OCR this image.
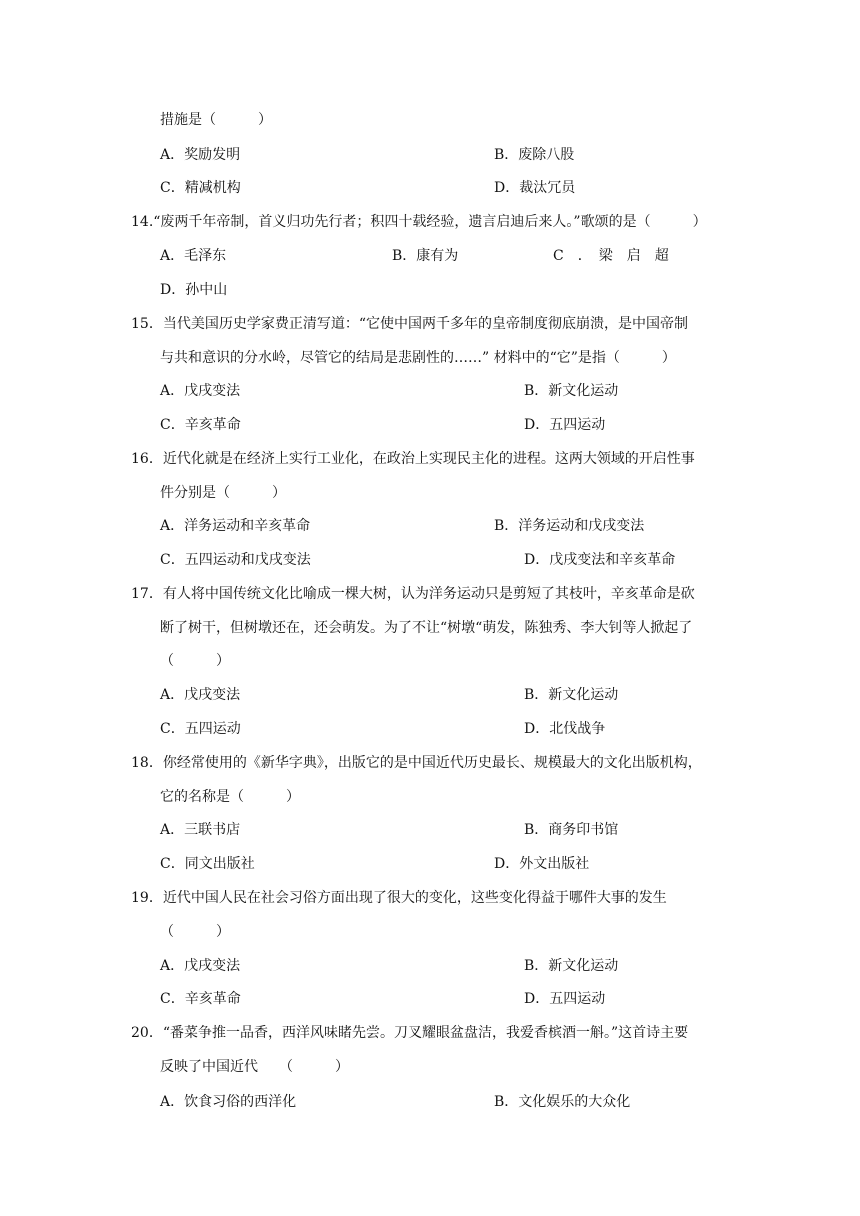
措施是（　　　）
A．奖励发明	B．废除八股
C．精减机构	D．裁汰冗员
14.“废两千年帝制，首义归功先行者；积四十载经验，遗言启迪后来人。”歌颂的是（　　　）
A．毛泽东	B．康有为	C　．　梁　启　超
D．孙中山
15．当代美国历史学家费正清写道：“它使中国两千多年的皇帝制度彻底崩溃，是中国帝制
与共和意识的分水岭，尽管它的结局是悲剧性的……” 材料中的“它”是指（　　　）
A．戊戌变法	B．新文化运动
C．辛亥革命	D．五四运动
16．近代化就是在经济上实行工业化，在政治上实现民主化的进程。这两大领域的开启性事
件分别是（　　　）
A．洋务运动和辛亥革命	B．洋务运动和戊戌变法
C．五四运动和戊戌变法	D．戊戌变法和辛亥革命
17．有人将中国传统文化比喻成一棵大树，认为洋务运动只是剪短了其枝叶，辛亥革命是砍
断了树干，但树墩还在，还会萌发。为了不让“树墩“萌发，陈独秀、李大钊等人掀起了
（　　　）
A．戊戌变法	B．新文化运动
C．五四运动	D．北伐战争
18．你经常使用的《新华字典》，出版它的是中国近代历史最长、规模最大的文化出版机构，
它的名称是（　　　）
A．三联书店	B．商务印书馆
C．同文出版社	D．外文出版社
19．近代中国人民在社会习俗方面出现了很大的变化，这些变化得益于哪件大事的发生
（　　　）
A．戊戌变法	B．新文化运动
C．辛亥革命	D．五四运动
20．“番菜争推一品香，西洋风味睹先尝。刀叉耀眼盆盘洁，我爱香槟酒一斛。”这首诗主要
反映了中国近代　　（　　　）
A．饮食习俗的西洋化	B．文化娱乐的大众化
